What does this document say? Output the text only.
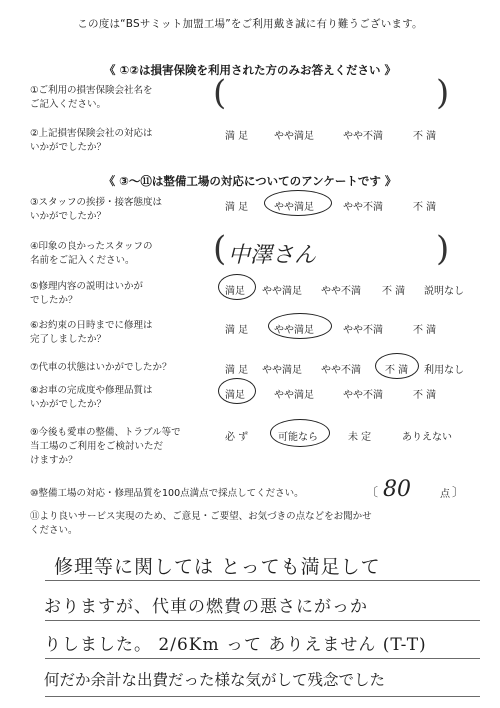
この度は“BSサミット加盟工場”をご利用戴き誠に有り難うございます。
《 ①②は損害保険を利用された方のみお答えください 》
①ご利用の損害保険会社名を
ご記入ください。	(	)
②上記損害保険会社の対応は
いかがでしたか？
満 足	やや満足	やや不満	不 満
《 ③〜⑪は整備工場の対応についてのアンケートです 》
③スタッフの挨拶・接客態度は
いかがでしたか？
満 足	やや満足	やや不満	不 満
④印象の良かったスタッフの
名前をご記入ください。	( 中澤さん	)
⑤修理内容の説明はいかが
でしたか？
満足 やや満足 やや不満 不 満 説明なし
⑥お約束の日時までに修理は
完了しましたか？
満 足	やや満足	やや不満	不 満
⑦代車の状態はいかがでしたか？	満 足 やや満足 やや不満 不 満 利用なし
⑧お車の完成度や修理品質は
いかがでしたか？
満足	やや満足	やや不満	不 満
⑨今後も愛車の整備、トラブル等で
当工場のご利用をご検討いただ
けますか？
必 ず	可能なら	未 定	ありえない
⑩整備工場の対応・修理品質を100点満点で採点してください。	〔 80	点 〕
⑪より良いサービス実現のため、ご意見・ご要望、お気づきの点などをお聞かせ
ください。
修理等に関しては とっても満足して
おりますが、代車の燃費の悪さにがっか
りしました。 2/6Km って ありえません (T-T)
何だか余計な出費だった様な気がして残念でした
